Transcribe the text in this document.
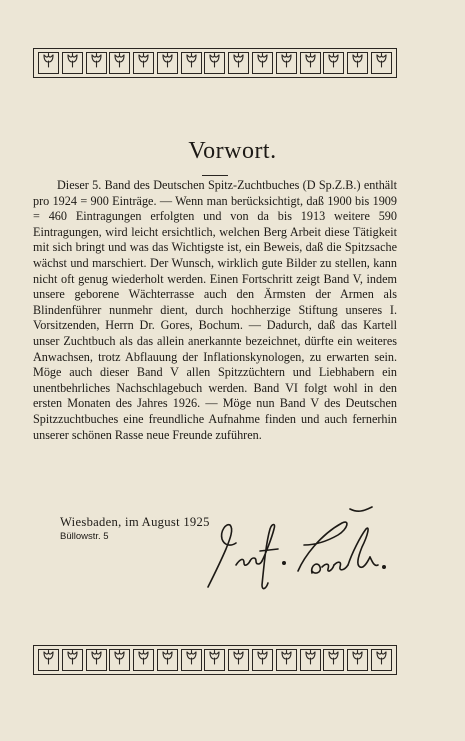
Vorwort.

Dieser 5. Band des Deutschen Spitz-Zuchtbuches (D Sp.Z.B.) enthält pro 1924 = 900 Einträge. — Wenn man berücksichtigt, daß 1900 bis 1909 = 460 Eintragungen erfolgten und von da bis 1913 weitere 590 Eintragungen, wird leicht ersichtlich, welchen Berg Arbeit diese Tätigkeit mit sich bringt und was das Wichtigste ist, ein Beweis, daß die Spitzsache wächst und marschiert. Der Wunsch, wirklich gute Bilder zu stellen, kann nicht oft genug wiederholt werden. Einen Fortschritt zeigt Band V, indem unsere geborene Wächterrasse auch den Ärmsten der Armen als Blindenführer nunmehr dient, durch hochherzige Stiftung unseres I. Vorsitzenden, Herrn Dr. Gores, Bochum. — Dadurch, daß das Kartell unser Zuchtbuch als das allein anerkannte bezeichnet, dürfte ein weiteres Anwachsen, trotz Abflauung der Inflationskynologen, zu erwarten sein. Möge auch dieser Band V allen Spitzzüchtern und Liebhabern ein unentbehrliches Nachschlagebuch werden. Band VI folgt wohl in den ersten Monaten des Jahres 1926. — Möge nun Band V des Deutschen Spitzzuchtbuches eine freundliche Aufnahme finden und auch fernerhin unserer schönen Rasse neue Freunde zuführen.

Wiesbaden, im August 1925
Büllowstr. 5
